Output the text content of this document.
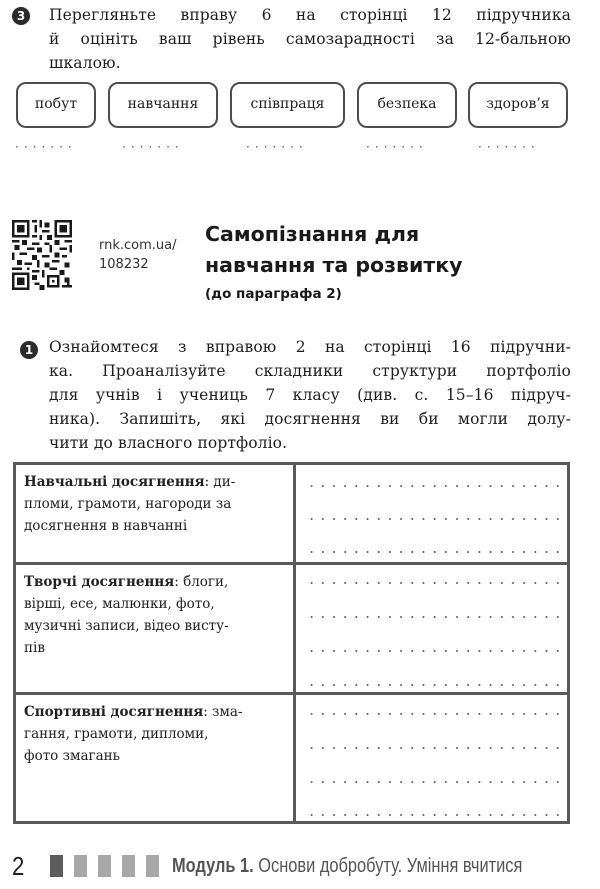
3	Перегляньте вправу 6 на сторінці 12 підручника
й оцініть ваш рівень самозарадності за 12-бальною
шкалою.
побут	навчання	співпраця	безпека	здоров’я
·······	·······	·······	·······	·······
rnk.com.ua/
108232
Самопізнання для
навчання та розвитку
(до параграфа 2)
1	Ознайомтеся з вправою 2 на сторінці 16 підручни-
ка. Проаналізуйте складники структури портфоліо
для учнів і учениць 7 класу (див. с. 15–16 підруч-
ника). Запишіть, які досягнення ви би могли долу-
чити до власного портфоліо.
Навчальні досягнення: ди-
пломи, грамоти, нагороди за
досягнення в навчанні
Творчі досягнення: блоги,
вірші, есе, малюнки, фото,
музичні записи, відео висту-
пів
Спортивні досягнення: зма-
гання, грамоти, дипломи,
фото змагань
2	Модуль 1. Основи добробуту. Уміння вчитися
